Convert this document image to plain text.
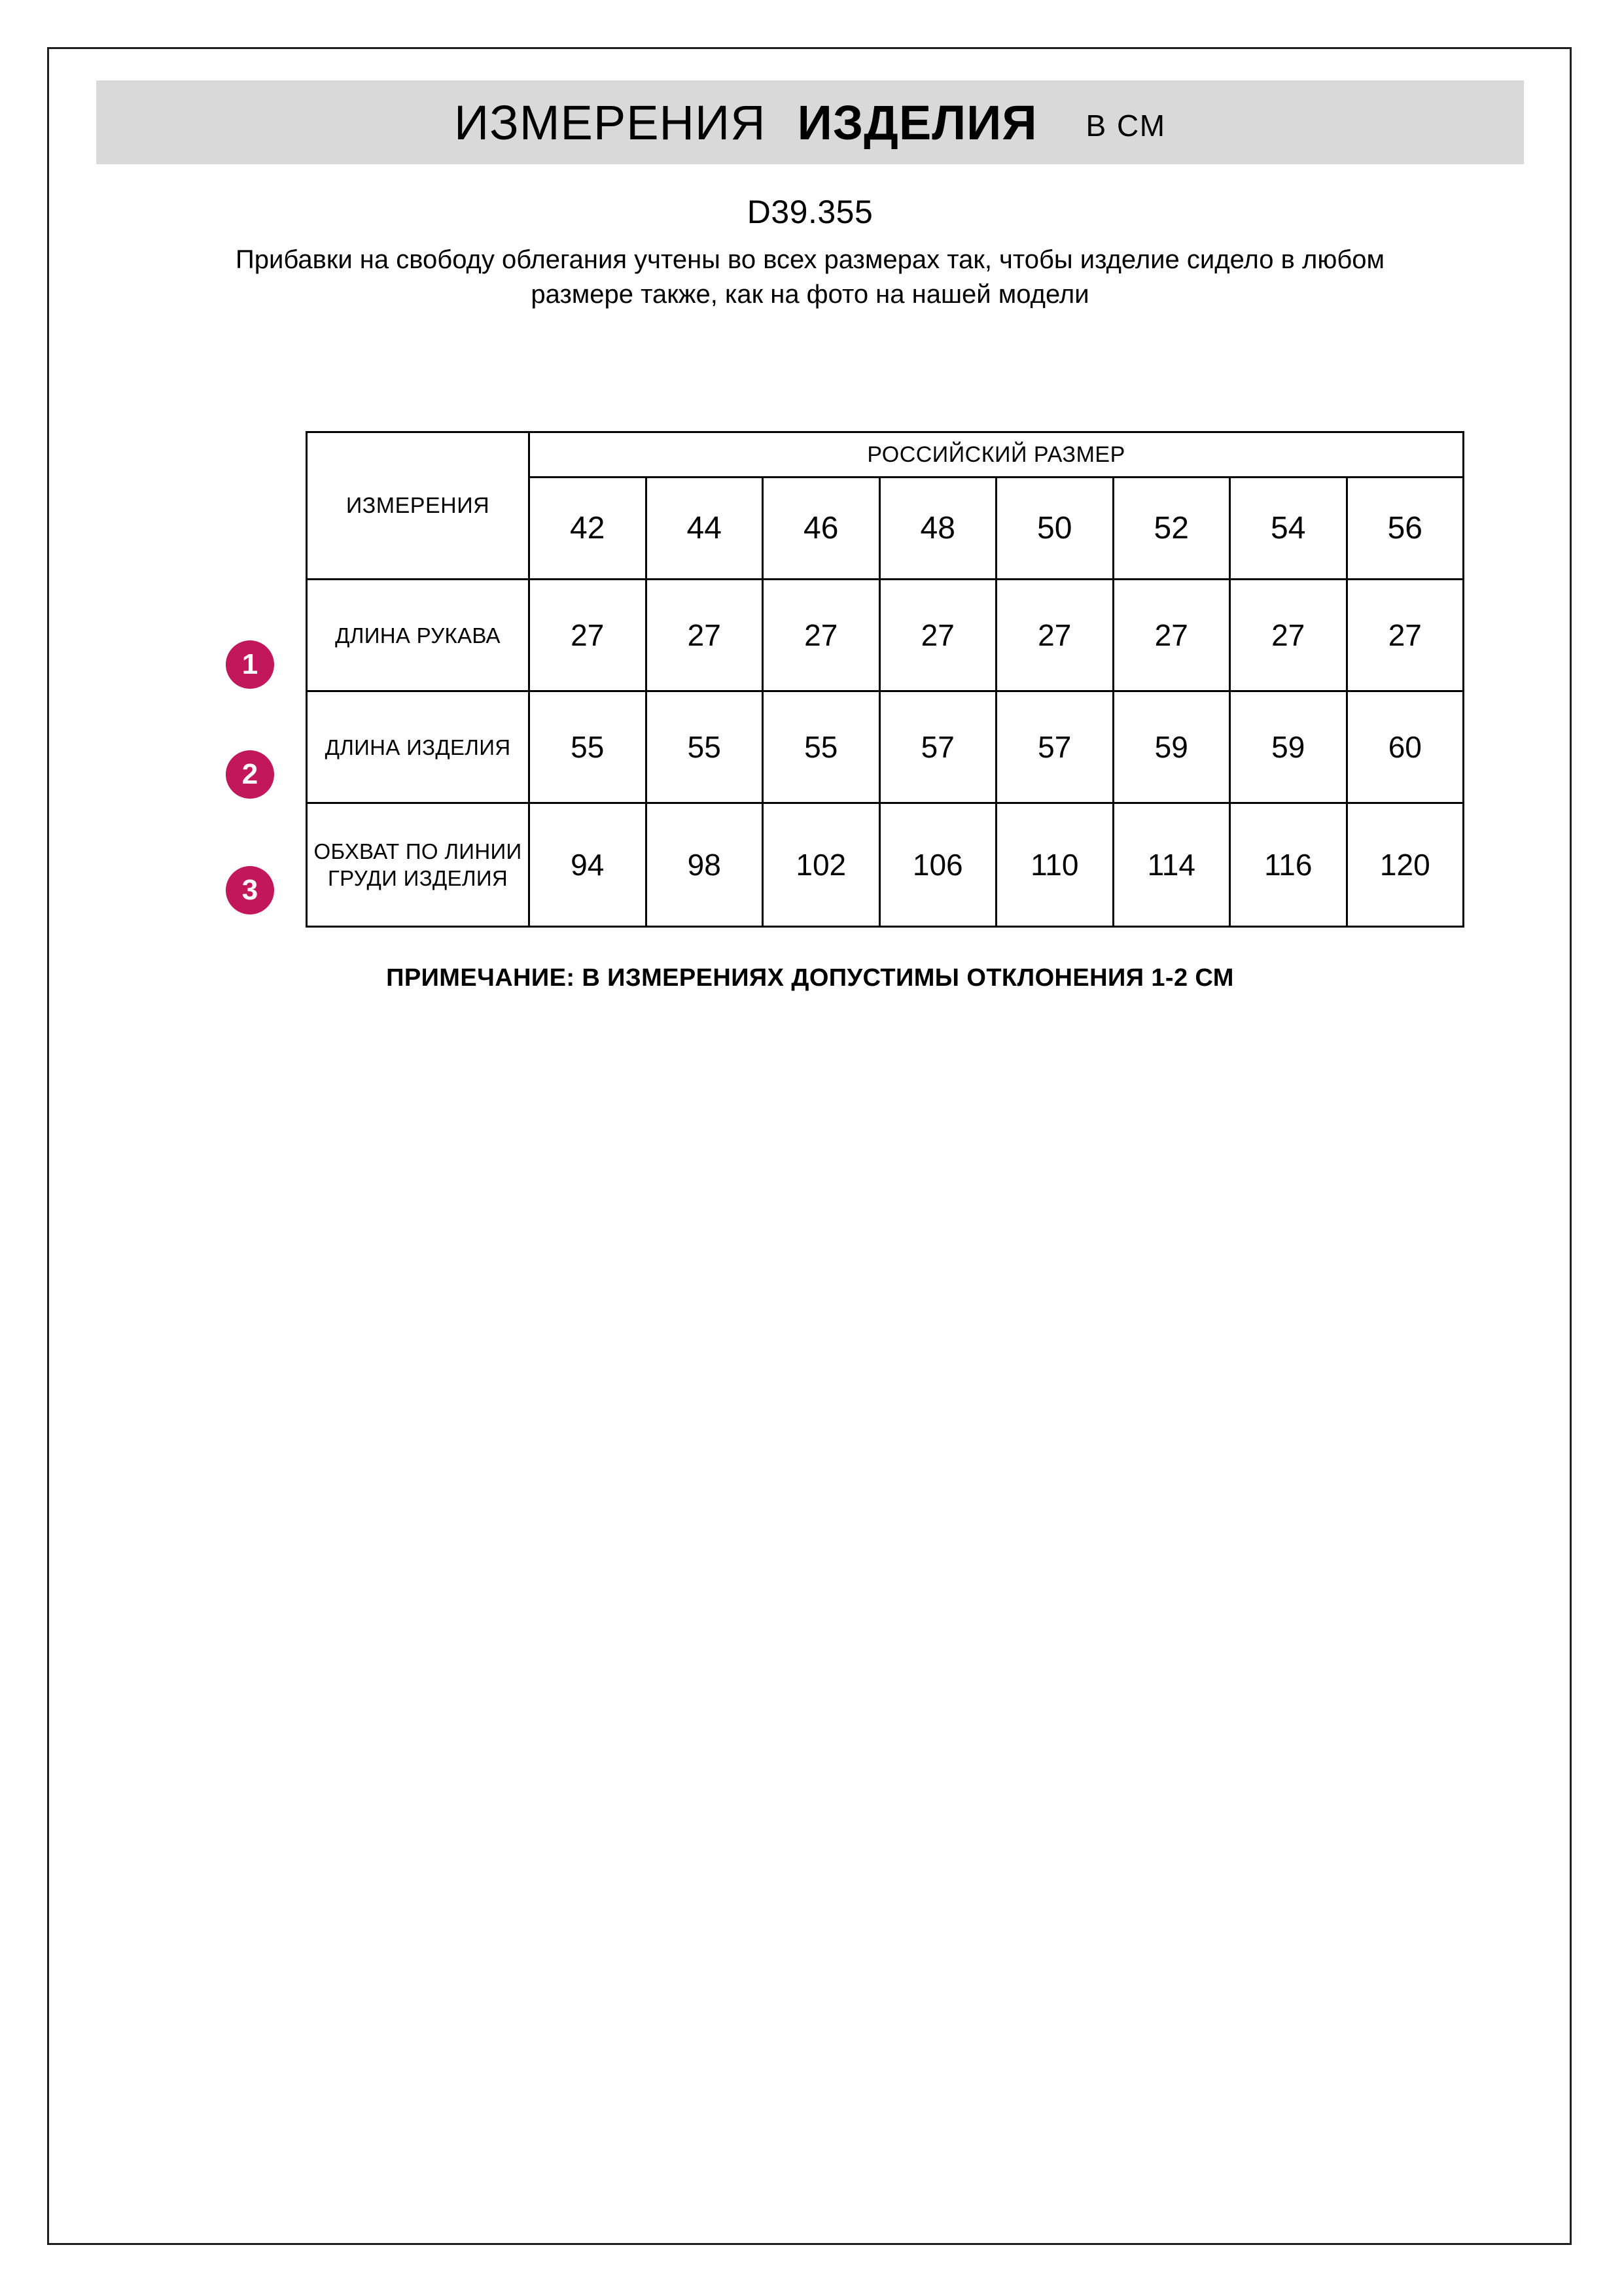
ИЗМЕРЕНИЯ ИЗДЕЛИЯ В СМ
D39.355
Прибавки на свободу облегания учтены во всех размерах так, чтобы изделие сидело в любом размере также, как на фото на нашей модели
1
2
3
ИЗМЕРЕНИЯ	РОССИЙСКИЙ РАЗМЕР							
	42	44	46	48	50	52	54	56
ДЛИНА РУКАВА	27	27	27	27	27	27	27	27
ДЛИНА ИЗДЕЛИЯ	55	55	55	57	57	59	59	60
ОБХВАТ ПО ЛИНИИ ГРУДИ ИЗДЕЛИЯ	94	98	102	106	110	114	116	120
ПРИМЕЧАНИЕ: В ИЗМЕРЕНИЯХ ДОПУСТИМЫ ОТКЛОНЕНИЯ 1-2 СМ
